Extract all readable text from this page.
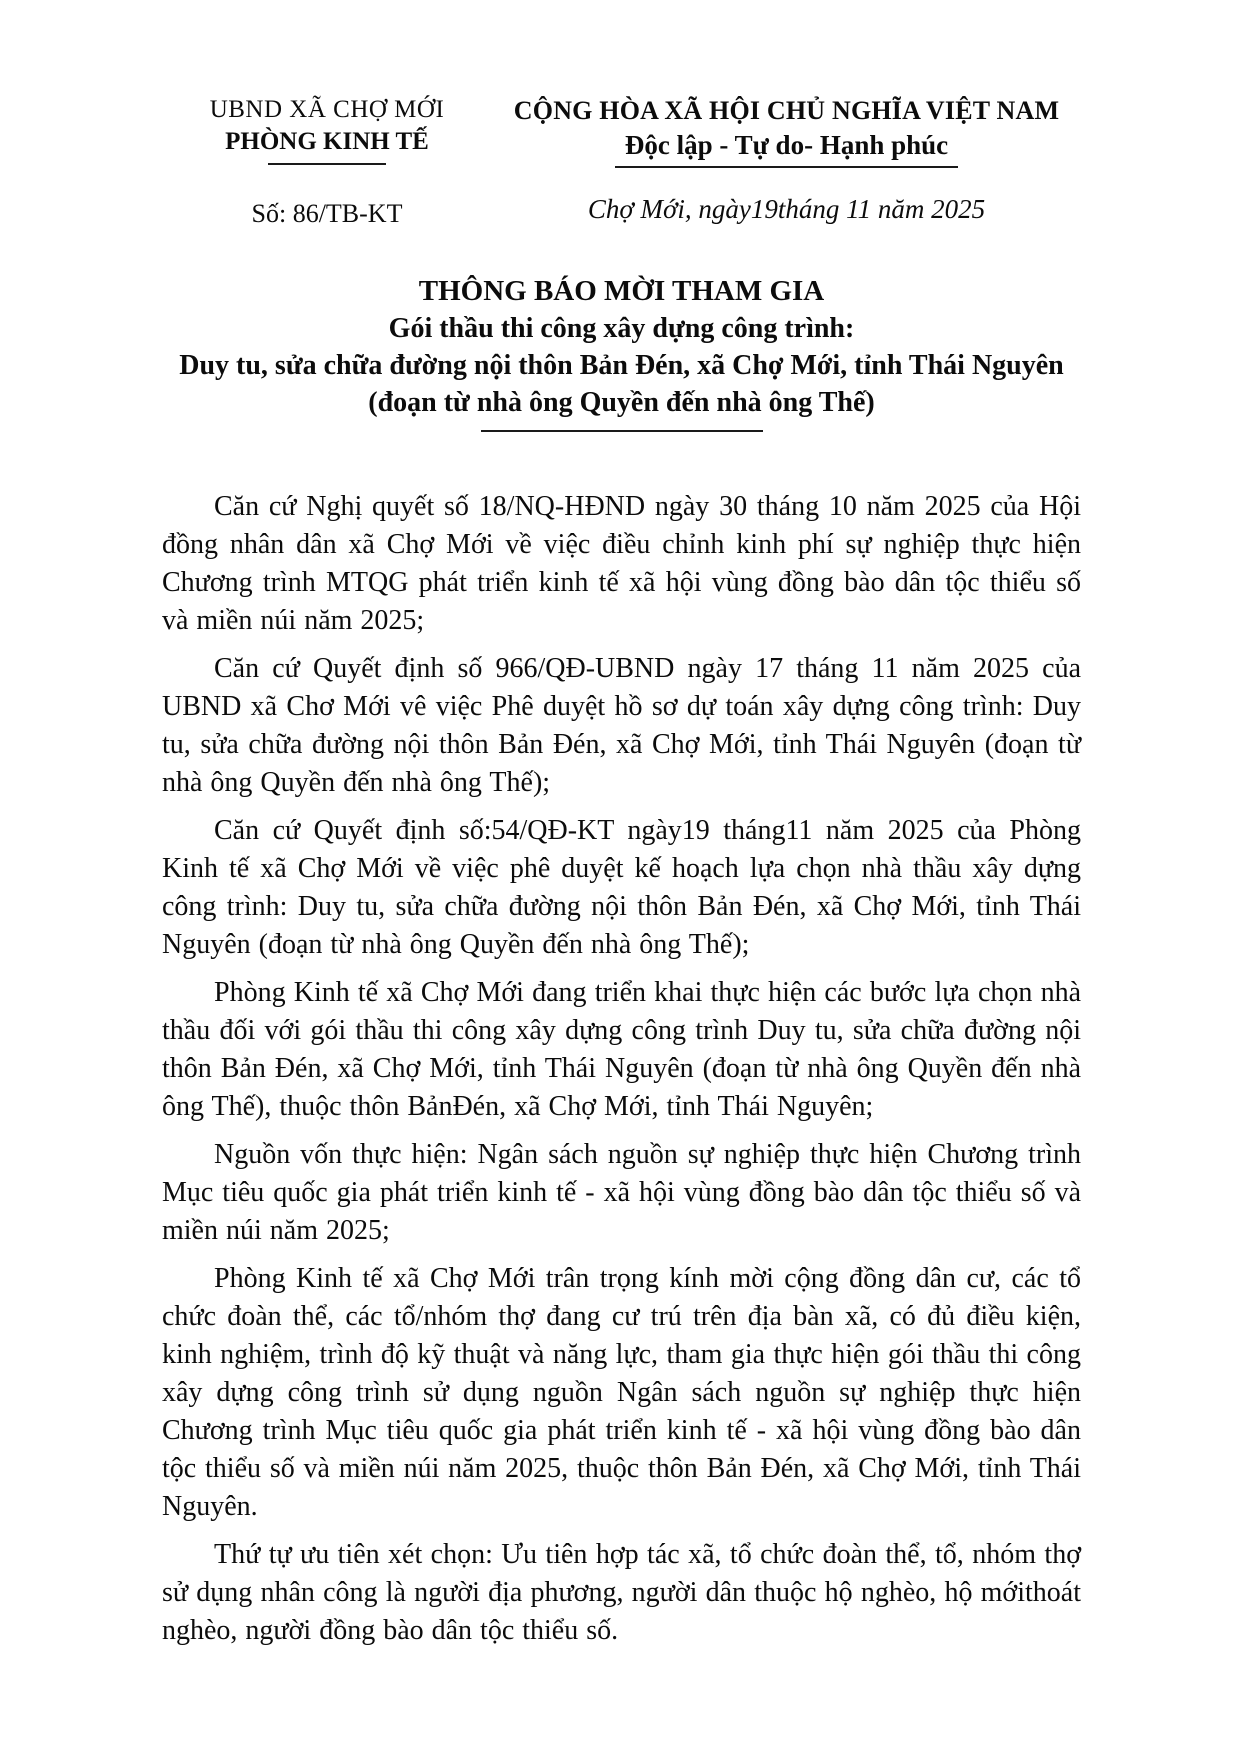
UBND XÃ CHỢ MỚI
PHÒNG KINH TẾ
Số: 86/TB-KT
CỘNG HÒA XÃ HỘI CHỦ NGHĨA VIỆT NAM
Độc lập - Tự do- Hạnh phúc
Chợ Mới, ngày19tháng 11 năm 2025
THÔNG BÁO MỜI THAM GIA
Gói thầu thi công xây dựng công trình:
Duy tu, sửa chữa đường nội thôn Bản Đén, xã Chợ Mới, tỉnh Thái Nguyên
(đoạn từ nhà ông Quyền đến nhà ông Thế)

Căn cứ Nghị quyết số 18/NQ-HĐND ngày 30 tháng 10 năm 2025 của Hội đồng nhân dân xã Chợ Mới về việc điều chỉnh kinh phí sự nghiệp thực hiện Chương trình MTQG phát triển kinh tế xã hội vùng đồng bào dân tộc thiểu số và miền núi năm 2025;

Căn cứ Quyết định số 966/QĐ-UBND ngày 17 tháng 11 năm 2025 của UBND xã Chơ Mới vê việc Phê duyệt hồ sơ dự toán xây dựng công trình: Duy tu, sửa chữa đường nội thôn Bản Đén, xã Chợ Mới, tỉnh Thái Nguyên (đoạn từ nhà ông Quyền đến nhà ông Thế);

Căn cứ Quyết định số:54/QĐ-KT ngày19 tháng11 năm 2025 của Phòng Kinh tế xã Chợ Mới về việc phê duyệt kế hoạch lựa chọn nhà thầu xây dựng công trình: Duy tu, sửa chữa đường nội thôn Bản Đén, xã Chợ Mới, tỉnh Thái Nguyên (đoạn từ nhà ông Quyền đến nhà ông Thế);

Phòng Kinh tế xã Chợ Mới đang triển khai thực hiện các bước lựa chọn nhà thầu đối với gói thầu thi công xây dựng công trình Duy tu, sửa chữa đường nội thôn Bản Đén, xã Chợ Mới, tỉnh Thái Nguyên (đoạn từ nhà ông Quyền đến nhà ông Thế), thuộc thôn BảnĐén, xã Chợ Mới, tỉnh Thái Nguyên;

Nguồn vốn thực hiện: Ngân sách nguồn sự nghiệp thực hiện Chương trình Mục tiêu quốc gia phát triển kinh tế - xã hội vùng đồng bào dân tộc thiểu số và miền núi năm 2025;

Phòng Kinh tế xã Chợ Mới trân trọng kính mời cộng đồng dân cư, các tổ chức đoàn thể, các tổ/nhóm thợ đang cư trú trên địa bàn xã, có đủ điều kiện, kinh nghiệm, trình độ kỹ thuật và năng lực, tham gia thực hiện gói thầu thi công xây dựng công trình sử dụng nguồn Ngân sách nguồn sự nghiệp thực hiện Chương trình Mục tiêu quốc gia phát triển kinh tế - xã hội vùng đồng bào dân tộc thiểu số và miền núi năm 2025, thuộc thôn Bản Đén, xã Chợ Mới, tỉnh Thái Nguyên.

Thứ tự ưu tiên xét chọn: Ưu tiên hợp tác xã, tổ chức đoàn thể, tổ, nhóm thợ sử dụng nhân công là người địa phương, người dân thuộc hộ nghèo, hộ mớithoát nghèo, người đồng bào dân tộc thiểu số.
